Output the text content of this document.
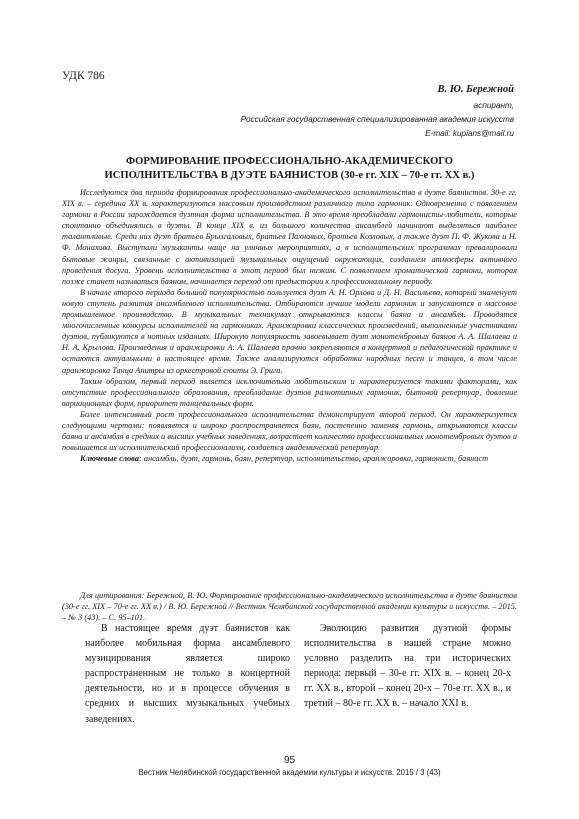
УДК 786
В. Ю. Бережной
аспирант,
Российская государственная специализированная академия искусств
E-mail: kupians@mail.ru
ФОРМИРОВАНИЕ ПРОФЕССИОНАЛЬНО-АКАДЕМИЧЕСКОГО
ИСПОЛНИТЕЛЬСТВА В ДУЭТЕ БАЯНИСТОВ (30-е гг. XIX – 70-е гг. XX в.)

Исследуются два периода формирования профессионально-академического исполнительства в дуэте баянистов. 30-е гг. XIX в. – середина XX в. характеризуются массовым производством различного типа гармоник. Одновременно с появлением гармони в России зарождается дуэтная форма исполнительства. В это время преобладали гармонисты-любители, которые спонтанно объединялись в дуэты. В конце XIX в. из большого количества ансамблей начинают выделяться наиболее талантливые. Среди них дуэт братьев Брызгаловых, братьев Пахновых, братьев Козловых, а также дуэт П. Ф. Жукова и Н. Ф. Монахова. Выступали музыканты чаще на уличных мероприятиях, а в исполнительских программах превалировали бытовые жанры, связанные с активизацией музыкальных ощущений окружающих, созданием атмосферы активного проведения досуга. Уровень исполнительства в этот период был низким. С появлением хроматической гармони, которая позже станет называться баяном, начинается переход от предыстории к профессиональному периоду.

В начале второго периода большой популярностью пользуется дуэт А. Н. Орлова и Д. Н. Васильева, который знаменует новую ступень развития ансамблевого исполнительства. Отбираются лучшие модели гармоник и запускаются в массовое промышленное производство. В музыкальных техникумах открываются классы баяна и ансамбля. Проводятся многочисленные конкурсы исполнителей на гармониках. Аранжировки классических произведений, выполненные участниками дуэтов, публикуются в нотных изданиях. Широкую популярность завоевывает дуэт монотембровых баянов А. А. Шалаева и Н. А. Крылова. Произведения и аранжировки А. А. Шалаева прочно закрепляются в концертной и педагогической практике и остаются актуальными в настоящее время. Также анализируются обработки народных песен и танцев, в том числе аранжировка Танца Анитры из оркестровой сюиты Э. Грига.

Таким образом, первый период является исключительно любительским и характеризуется такими факторами, как отсутствие профессионального образования, преобладание дуэтов разнотипных гармоник, бытовой репертуар, довление вариационных форм, приоритет танцевальных форм.

Более интенсивный рост профессионального исполнительства демонстрирует второй период. Он характеризуется следующими чертами: появляется и широко распространяется баян, постепенно заменяя гармонь, открываются классы баяна и ансамбля в средних и высших учебных заведениях, возрастает количество профессиональных монотембровых дуэтов и повышается их исполнительский профессионализм, создается академический репертуар.

Ключевые слова: ансамбль, дуэт, гармонь, баян, репертуар, исполнительство, аранжировка, гармонист, баянист

Для цитирования: Бережной, В. Ю. Формирование профессионально-академического исполнительства в дуэте баянистов (30-е гг. XIX – 70-е гг. XX в.) / В. Ю. Бережной // Вестник Челябинской государственной академии культуры и искусств. – 2015. – № 3 (43). – С. 95–101.

В настоящее время дуэт баянистов как наиболее мобильная форма ансамблевого музицирования является широко распространенным не только в концертной деятельности, но и в процессе обучения в средних и высших музыкальных учебных заведениях.

Эволюцию развития дуэтной формы исполнительства в нашей стране можно условно разделить на три исторических периода: первый – 30-е гг. XIX в. – конец 20-х гг. XX в., второй – конец 20-х – 70-е гг. XX в., и третий – 80-е гг. XX в. – начало XXI в.

95
Вестник Челябинской государственной академии культуры и искусств. 2015 / 3 (43)
